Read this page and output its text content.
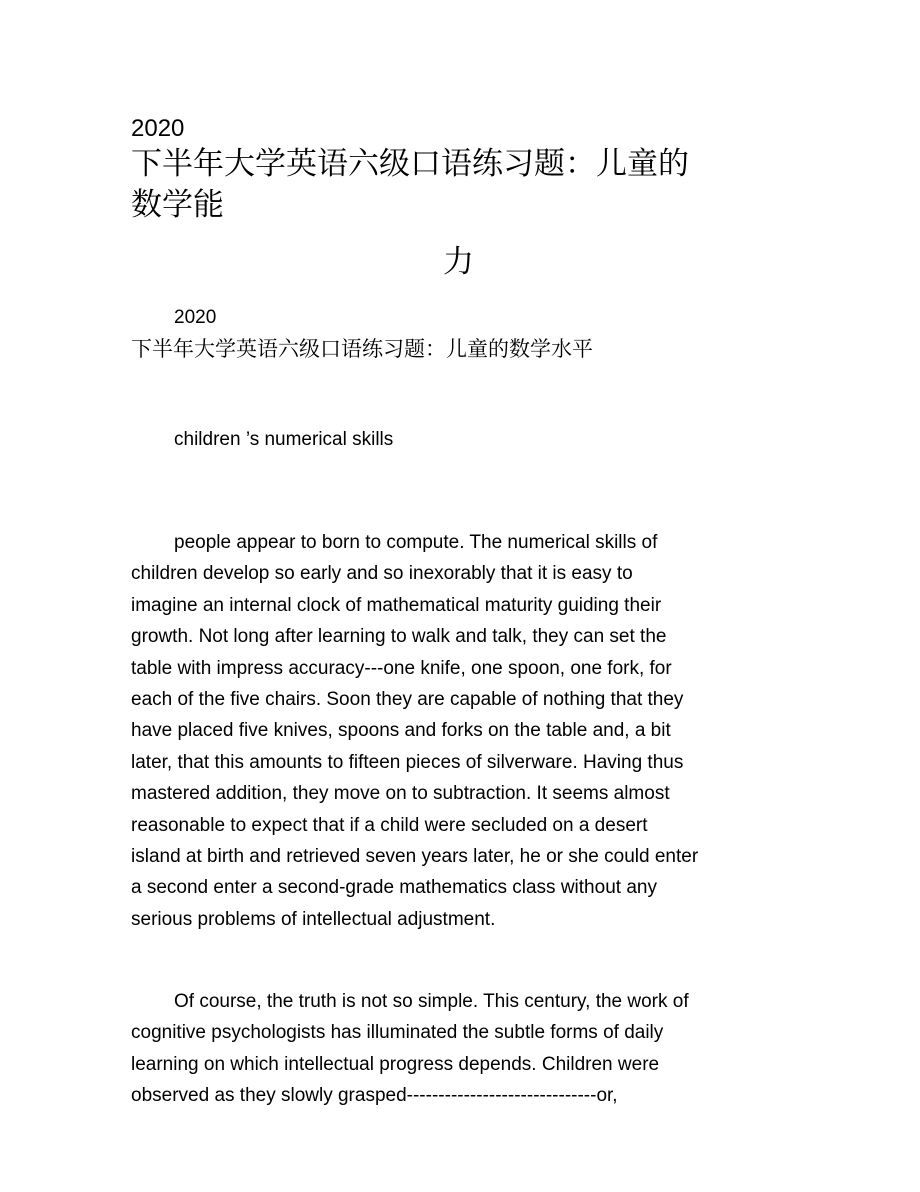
2020
下半年大学英语六级口语练习题：儿童的数学能
力
2020
下半年大学英语六级口语练习题：儿童的数学水平
children ’s numerical skills

people appear to born to compute. The numerical skills of children develop so early and so inexorably that it is easy to imagine an internal clock of mathematical maturity guiding their growth. Not long after learning to walk and talk, they can set the table with impress accuracy---one knife, one spoon, one fork, for each of the five chairs. Soon they are capable of nothing that they have placed five knives, spoons and forks on the table and, a bit later, that this amounts to fifteen pieces of silverware. Having thus mastered addition, they move on to subtraction. It seems almost reasonable to expect that if a child were secluded on a desert island at birth and retrieved seven years later, he or she could enter a second enter a second-grade mathematics class without any serious problems of intellectual adjustment.

Of course, the truth is not so simple. This century, the work of cognitive psychologists has illuminated the subtle forms of daily learning on which intellectual progress depends. Children were observed as they slowly grasped------------------------------or,
